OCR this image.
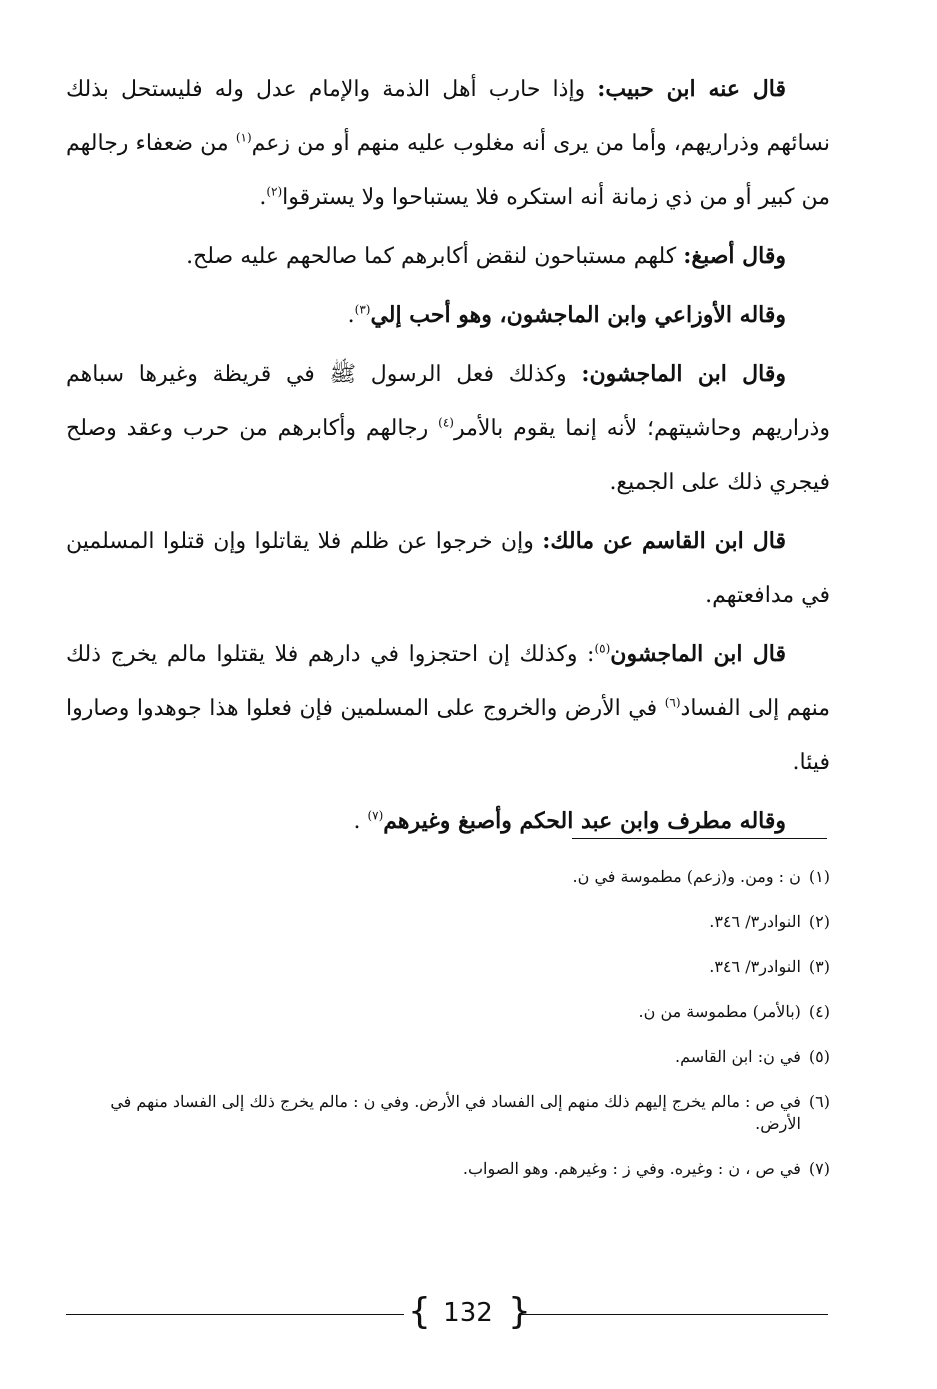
قال عنه ابن حبيب: وإذا حارب أهل الذمة والإمام عدل وله فليستحل بذلك نسائهم وذراريهم، وأما من يرى أنه مغلوب عليه منهم أو من زعم$^{(١)}$ من ضعفاء رجالهم من كبير أو من ذي زمانة أنه استكره فلا يستباحوا ولا يسترقوا$^{(٢)}$.

وقال أصبغ: كلهم مستباحون لنقض أكابرهم كما صالحهم عليه صلح.

وقاله الأوزاعي وابن الماجشون، وهو أحب إلي$^{(٣)}$.

وقال ابن الماجشون: وكذلك فعل الرسول ﷺ في قريظة وغيرها سباهم وذراريهم وحاشيتهم؛ لأنه إنما يقوم بالأمر$^{(٤)}$ رجالهم وأكابرهم من حرب وعقد وصلح فيجري ذلك على الجميع.

قال ابن القاسم عن مالك: وإن خرجوا عن ظلم فلا يقاتلوا وإن قتلوا المسلمين في مدافعتهم.

قال ابن الماجشون$^{(٥)}$: وكذلك إن احتجزوا في دارهم فلا يقتلوا مالم يخرج ذلك منهم إلى الفساد$^{(٦)}$ في الأرض والخروج على المسلمين فإن فعلوا هذا جوهدوا وصاروا فيئا.

وقاله مطرف وابن عبد الحكم وأصبغ وغيرهم$^{(٧)}$ .

(١)
ن : ومن. و(زعم) مطموسة في ن.
(٢)
النوادر٣/ ٣٤٦.
(٣)
النوادر٣/ ٣٤٦.
(٤)
(بالأمر) مطموسة من ن.
(٥)
في ن: ابن القاسم.
(٦)
في ص : مالم يخرج إليهم ذلك منهم إلى الفساد في الأرض. وفي ن : مالم يخرج ذلك إلى الفساد منهم في
الأرض.
(٧)
في ص ، ن : وغيره. وفي ز : وغيرهم. وهو الصواب.
{ 132 }
